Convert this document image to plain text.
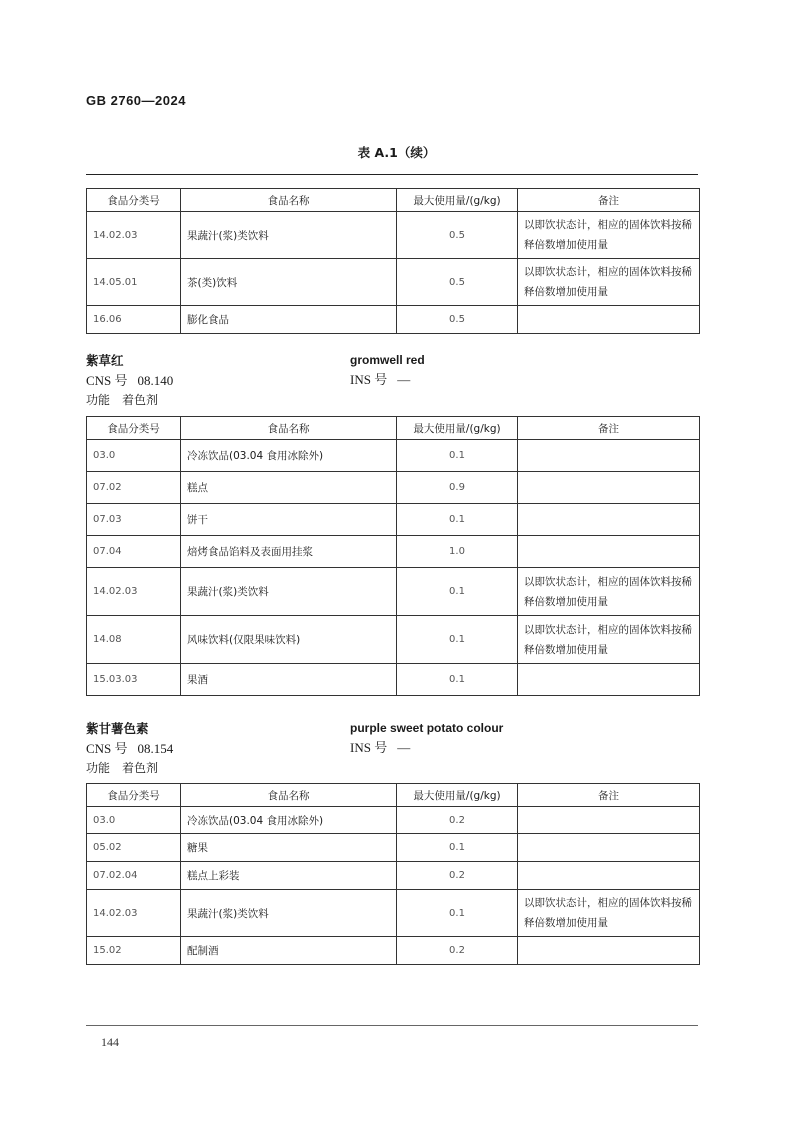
GB 2760—2024
表 A.1（续）
食品分类号	食品名称	最大使用量/(g/kg)	备注
14.02.03	果蔬汁(浆)类饮料	0.5	以即饮状态计，相应的固体饮料按稀释倍数增加使用量
14.05.01	茶(类)饮料	0.5	以即饮状态计，相应的固体饮料按稀释倍数增加使用量
16.06	膨化食品	0.5	
紫草红	gromwell red
CNS 号 08.140	INS 号 —
功能 着色剂
食品分类号	食品名称	最大使用量/(g/kg)	备注
03.0	冷冻饮品(03.04 食用冰除外)	0.1	
07.02	糕点	0.9	
07.03	饼干	0.1	
07.04	焙烤食品馅料及表面用挂浆	1.0	
14.02.03	果蔬汁(浆)类饮料	0.1	以即饮状态计，相应的固体饮料按稀释倍数增加使用量
14.08	风味饮料(仅限果味饮料)	0.1	以即饮状态计，相应的固体饮料按稀释倍数增加使用量
15.03.03	果酒	0.1	
紫甘薯色素	purple sweet potato colour
CNS 号 08.154	INS 号 —
功能 着色剂
食品分类号	食品名称	最大使用量/(g/kg)	备注
03.0	冷冻饮品(03.04 食用冰除外)	0.2	
05.02	糖果	0.1	
07.02.04	糕点上彩装	0.2	
14.02.03	果蔬汁(浆)类饮料	0.1	以即饮状态计，相应的固体饮料按稀释倍数增加使用量
15.02	配制酒	0.2	
144
